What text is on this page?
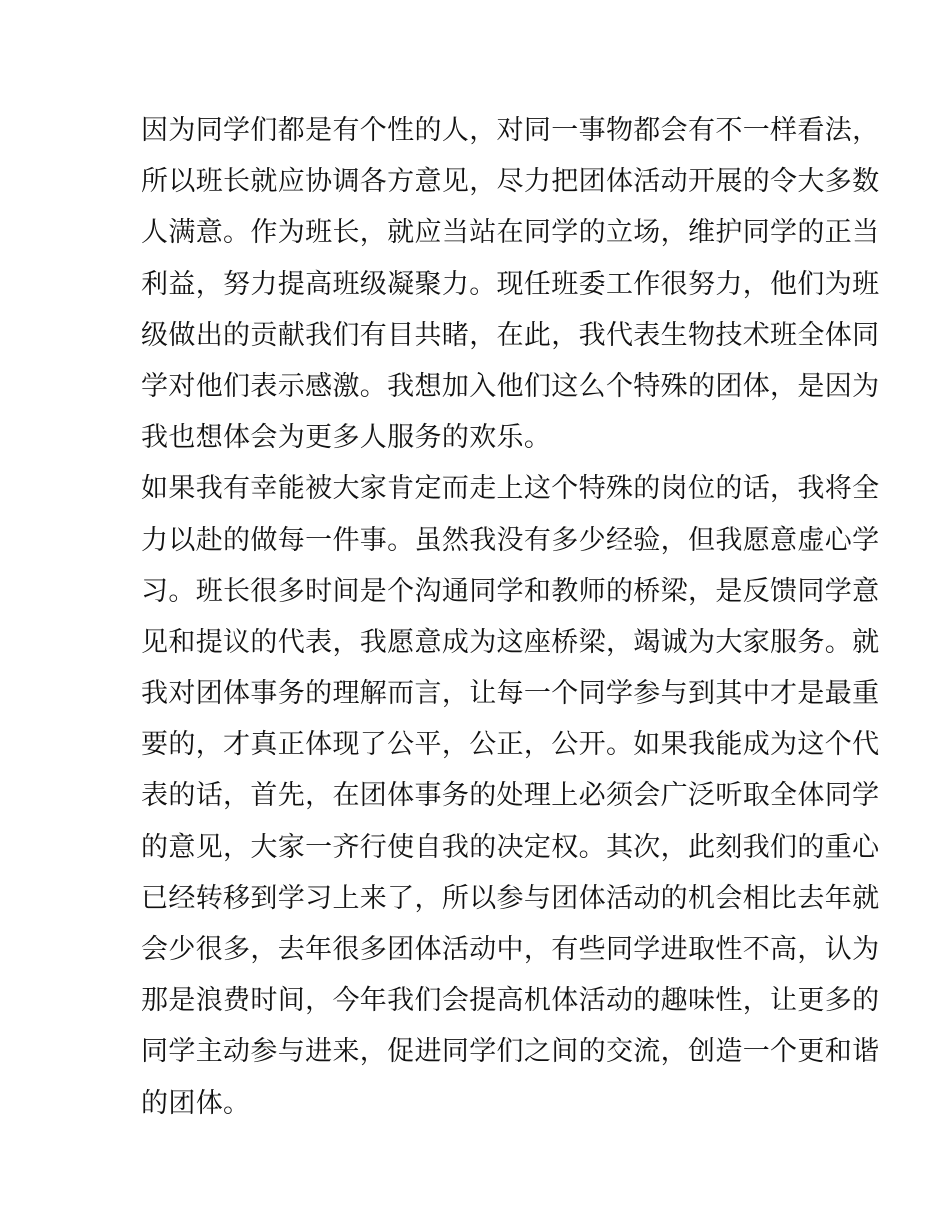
因为同学们都是有个性的人，对同一事物都会有不一样看法，
所以班长就应协调各方意见，尽力把团体活动开展的令大多数
人满意。作为班长，就应当站在同学的立场，维护同学的正当
利益，努力提高班级凝聚力。现任班委工作很努力，他们为班
级做出的贡献我们有目共睹，在此，我代表生物技术班全体同
学对他们表示感激。我想加入他们这么个特殊的团体，是因为
我也想体会为更多人服务的欢乐。
如果我有幸能被大家肯定而走上这个特殊的岗位的话，我将全
力以赴的做每一件事。虽然我没有多少经验，但我愿意虚心学
习。班长很多时间是个沟通同学和教师的桥梁，是反馈同学意
见和提议的代表，我愿意成为这座桥梁，竭诚为大家服务。就
我对团体事务的理解而言，让每一个同学参与到其中才是最重
要的，才真正体现了公平，公正，公开。如果我能成为这个代
表的话，首先，在团体事务的处理上必须会广泛听取全体同学
的意见，大家一齐行使自我的决定权。其次，此刻我们的重心
已经转移到学习上来了，所以参与团体活动的机会相比去年就
会少很多，去年很多团体活动中，有些同学进取性不高，认为
那是浪费时间，今年我们会提高机体活动的趣味性，让更多的
同学主动参与进来，促进同学们之间的交流，创造一个更和谐
的团体。
